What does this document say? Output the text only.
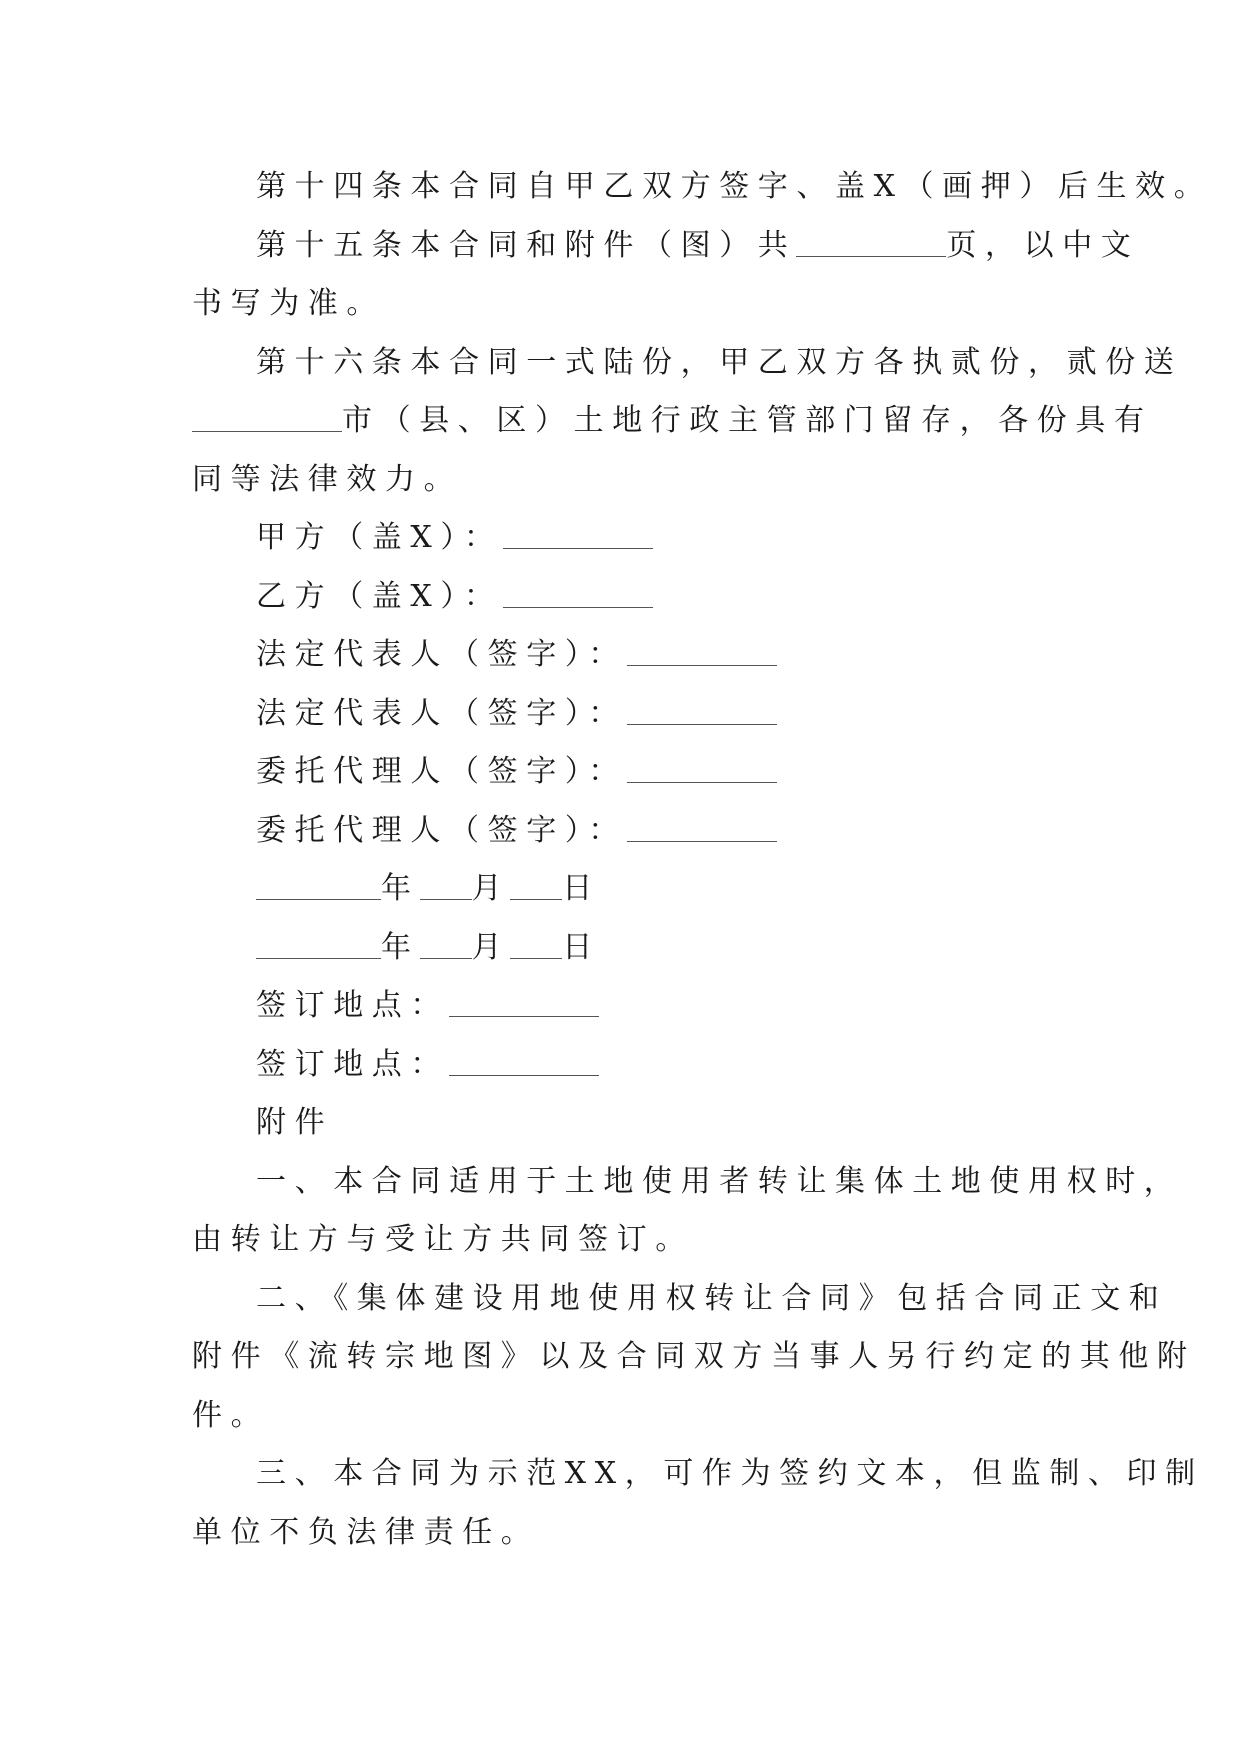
第十四条本合同自甲乙双方签字、盖X（画押）后生效。

第十五条本合同和附件（图）共	页，以中文

书写为准。

第十六条本合同一式陆份，甲乙双方各执贰份，贰份送

市（县、区）土地行政主管部门留存，各份具有

同等法律效力。

甲方（盖X）：

乙方（盖X）：

法定代表人（签字）：

法定代表人（签字）：

委托代理人（签字）：

委托代理人（签字）：

年 月 日

年 月 日

签订地点：

签订地点：

附件

一、本合同适用于土地使用者转让集体土地使用权时，

由转让方与受让方共同签订。

二、《集体建设用地使用权转让合同》包括合同正文和

附件《流转宗地图》以及合同双方当事人另行约定的其他附

件。

三、本合同为示范XX，可作为签约文本，但监制、印制

单位不负法律责任。
